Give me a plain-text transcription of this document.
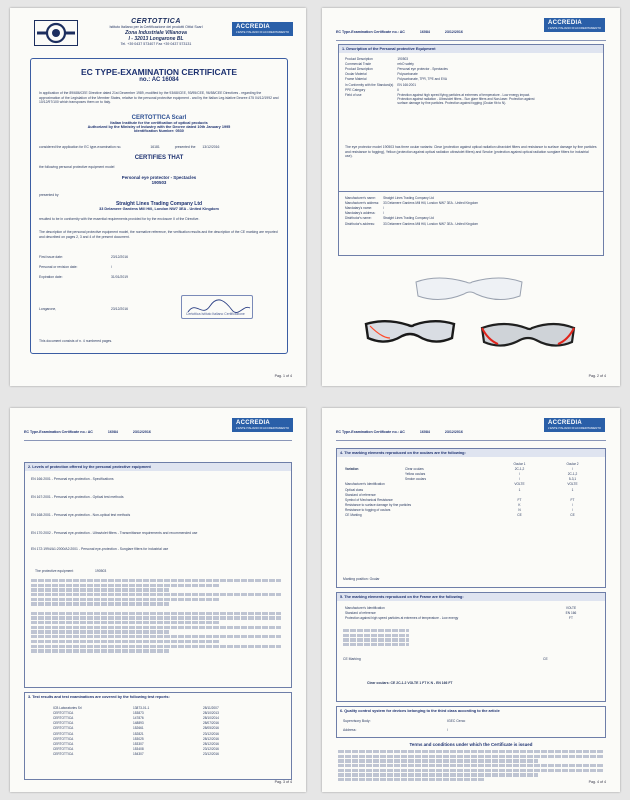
CERTOTTICA
Istituto Italiano per la Certificazione dei prodotti Ottici Scarl
Zona Industriale Villanova
I - 32013 Longarone BL
Tel. +39 0437 573407 Fax +39 0437 573131
ACCREDIA
L'ENTE ITALIANO DI ACCREDITAMENTO
EC TYPE-EXAMINATION CERTIFICATE
no.: AC 16084
In application of the 89/686/CEE Directive dated 21st December 1989, modified by the 93/68/CEE, 93/95/CEE, 96/58/CEE Directives - regarding the approximation of the Legislation of the Member States, relative to the personal protective equipment - and by the Italian Leg.islative Decree 475 04/12/1992 and 10/12/97/100 which transposes them on to Italy.
CERTOTTICA Scarl
Italian Institute for the certification of optical products
Authorized by the Ministry of Industry with the Decree dated 10th January 1995
Identification Number: 0530
considered the application for EC type-examination no.	16181	presented the 13/12/2016
CERTIFIES THAT
the following personal protective equipment model
Personal eye protector - Spectacles
190503
presented by
Straight Lines Trading Company Ltd
33 Delamere Gardens Mill Hill, London NW7 3EA - United Kingdom
resulted to be in conformity with the essential requirements provided for by the enclosure II of the Directive.
The description of the personal protective equipment model, the normative reference, the verification results and the description of the CE marking are reported and described on pages 2, 3 and 4 of the present document.
First issue date:	23/12/2016
Personal or revision date:	/
Expiration date:	31/01/2019
Longarone,	23/12/2016
Certottica Istituto Italiano Certificazione
This document consists of n. 4 numbered pages.
Pag. 1 of 4
ACCREDIA
L'ENTE ITALIANO DI ACCREDITAMENTO
EC Type-Examination Certificate no.: AC	16084	23/12/2016
1. Description of the Personal protective Equipment
Product Description	190503
Commercial Trade	rebO safety
Product Description	Personal eye protector - Spectacles
Ocular Material	Polycarbonate
Frame Material	Polycarbonate, TPR, TPE and EVA
In Conformity with the Standard(s)	EN 166:2001
PPE Category	II
Field of use	Protection against high speed flying particles at extremes of temperature - Low energy impact. Protection against radiation - Ultraviolet filters - Sun glare filters and Non-laser. Protection against surface damage by fine particles. Protection against fogging (Ocular flb to N).
The eye protector model 190503 has three ocular variants: Clear (protection against optical radiation ultraviolet filters and resistance to surface damage by fine particles and resistance to fogging), Yellow (protection against optical radiation ultraviolet filters) and Smoke (protection against optical radiation sunglare filters for industrial use).
Manufacturer's name:	Straight Lines Trading Company Ltd
Manufacturer's address:	33 Delamere Gardens Mill Hill, London NW7 3EA - United Kingdom
Mandatary's name:	/
Mandatary's address:	/
Distributor's name:	Straight Lines Trading Company Ltd
Distributor's address:	33 Delamere Gardens Mill Hill, London NW7 3EA - United Kingdom
Pag. 2 of 4
ACCREDIA
L'ENTE ITALIANO DI ACCREDITAMENTO
EC Type-Examination Certificate no.: AC	16084	23/12/2016
2. Levels of protection offered by the personal protective equipment
EN 166:2001 - Personal eye-protection - Specifications
EN 167:2001 - Personal eye-protection - Optical test methods
EN 168:2001 - Personal eye-protection - Non-optical test methods
EN 170:2002 - Personal eye-protection - Ultraviolet filters - Transmittance requirements and recommended use
EN 172:1994/A1:2000/A2:2001 - Personal eye-protection - Sunglare filters for industrial use
The protective equipment	190503
3. Test results and test examinations are covered by the following test reports:
ICB Laboratories Srl	13873-01-1	28/11/2007
CERTOTTICA	153873	28/10/2013
CERTOTTICA	147876	28/10/2014
CERTOTTICA	148893	28/07/2016
CERTOTTICA	152661	28/05/2016
CERTOTTICA	152821	23/12/2016
CERTOTTICA	153025	28/12/2016
CERTOTTICA	153307	28/12/2016
CERTOTTICA	153408	23/12/2016
CERTOTTICA	154307	23/12/2016
Pag. 3 of 4
ACCREDIA
L'ENTE ITALIANO DI ACCREDITAMENTO
EC Type-Examination Certificate no.: AC	16084	23/12/2016
4. The marking elements reproduced on the oculars are the following:
		Ocular 1	Ocular 2
Variation	Clear oculars	2C-1,2	/
	Yellow oculars	/	2C-1,2
	Smoke oculars	/	5-3,1
Manufacturer's Identification		VOLTE	VOLTE
Optical class		1	1
Standard of reference			
Symbol of Mechanical Resistance		FT	FT
Resistance to surface damage by fine particles		K	/
Resistance to fogging of oculars		N	/
CE Marking		CE	CE
Marking position: Ocular
5. The marking elements reproduced on the Frame are the following:
Manufacturer's Identification	VOLTE
Standard of reference	EN 166
Protection against high speed particles at extremes of temperature - Low energy	FT
CE Marking	CE
Clear oculars: CE 2C-1.2 VOLTE 1 FT K N - EN 166 FT
6. Quality control system for devices belonging to the third class according to the article
Supervisory Body:	IGEC Cerco
Address:	/
Terms and conditions under which the Certificate is issued
Pag. 4 of 4
